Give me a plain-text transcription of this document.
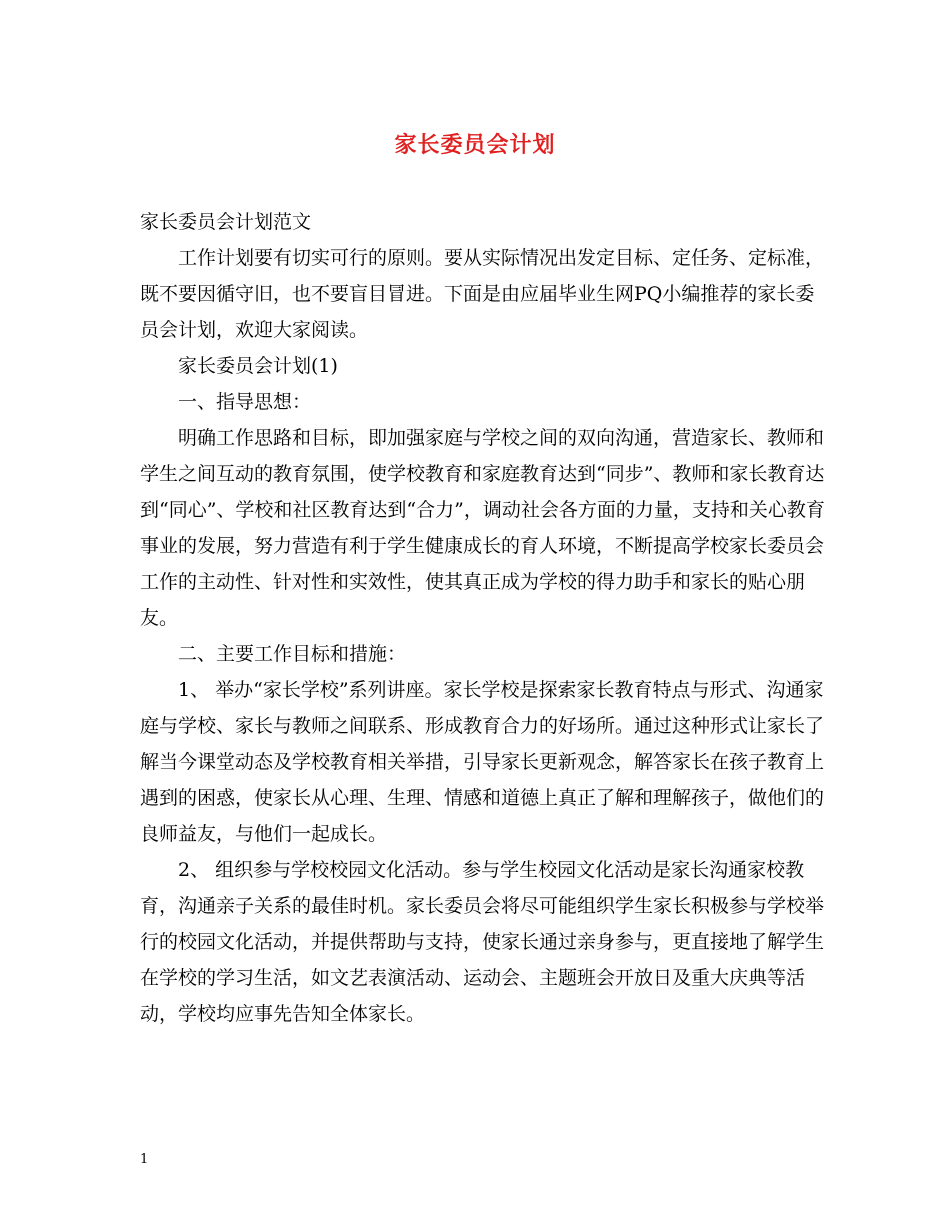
家长委员会计划

家长委员会计划范文

工作计划要有切实可行的原则。要从实际情况出发定目标、定任务、定标准，既不要因循守旧，也不要盲目冒进。下面是由应届毕业生网PQ小编推荐的家长委员会计划，欢迎大家阅读。

家长委员会计划(1)

一、指导思想：

明确工作思路和目标，即加强家庭与学校之间的双向沟通，营造家长、教师和学生之间互动的教育氛围，使学校教育和家庭教育达到“同步”、教师和家长教育达到“同心”、学校和社区教育达到“合力”，调动社会各方面的力量，支持和关心教育事业的发展，努力营造有利于学生健康成长的育人环境，不断提高学校家长委员会工作的主动性、针对性和实效性，使其真正成为学校的得力助手和家长的贴心朋友。

二、主要工作目标和措施：

1、 举办“家长学校”系列讲座。家长学校是探索家长教育特点与形式、沟通家庭与学校、家长与教师之间联系、形成教育合力的好场所。通过这种形式让家长了解当今课堂动态及学校教育相关举措，引导家长更新观念，解答家长在孩子教育上遇到的困惑，使家长从心理、生理、情感和道德上真正了解和理解孩子，做他们的良师益友，与他们一起成长。

2、 组织参与学校校园文化活动。参与学生校园文化活动是家长沟通家校教育，沟通亲子关系的最佳时机。家长委员会将尽可能组织学生家长积极参与学校举行的校园文化活动，并提供帮助与支持，使家长通过亲身参与，更直接地了解学生在学校的学习生活，如文艺表演活动、运动会、主题班会开放日及重大庆典等活动，学校均应事先告知全体家长。

1
